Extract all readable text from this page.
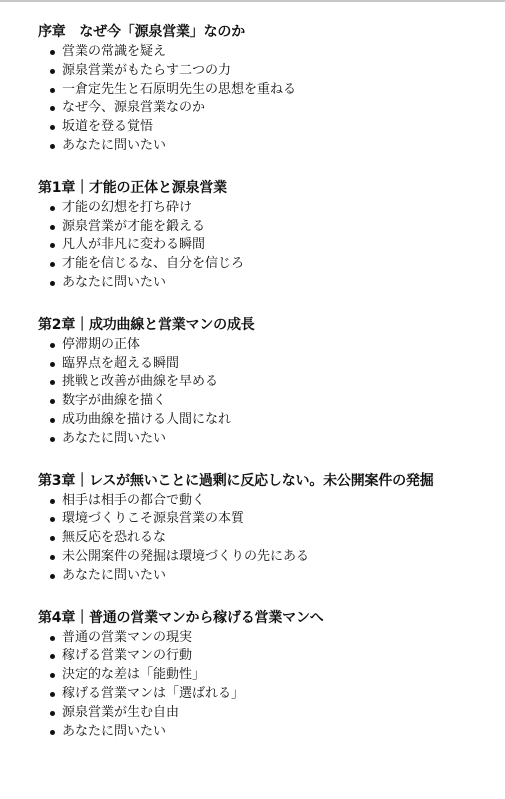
序章　なぜ今「源泉営業」なのか
営業の常識を疑え
源泉営業がもたらす二つの力
一倉定先生と石原明先生の思想を重ねる
なぜ今、源泉営業なのか
坂道を登る覚悟
あなたに問いたい
第1章｜才能の正体と源泉営業
才能の幻想を打ち砕け
源泉営業が才能を鍛える
凡人が非凡に変わる瞬間
才能を信じるな、自分を信じろ
あなたに問いたい
第2章｜成功曲線と営業マンの成長
停滞期の正体
臨界点を超える瞬間
挑戦と改善が曲線を早める
数字が曲線を描く
成功曲線を描ける人間になれ
あなたに問いたい
第3章｜レスが無いことに過剰に反応しない。未公開案件の発掘
相手は相手の都合で動く
環境づくりこそ源泉営業の本質
無反応を恐れるな
未公開案件の発掘は環境づくりの先にある
あなたに問いたい
第4章｜普通の営業マンから稼げる営業マンへ
普通の営業マンの現実
稼げる営業マンの行動
決定的な差は「能動性」
稼げる営業マンは「選ばれる」
源泉営業が生む自由
あなたに問いたい
